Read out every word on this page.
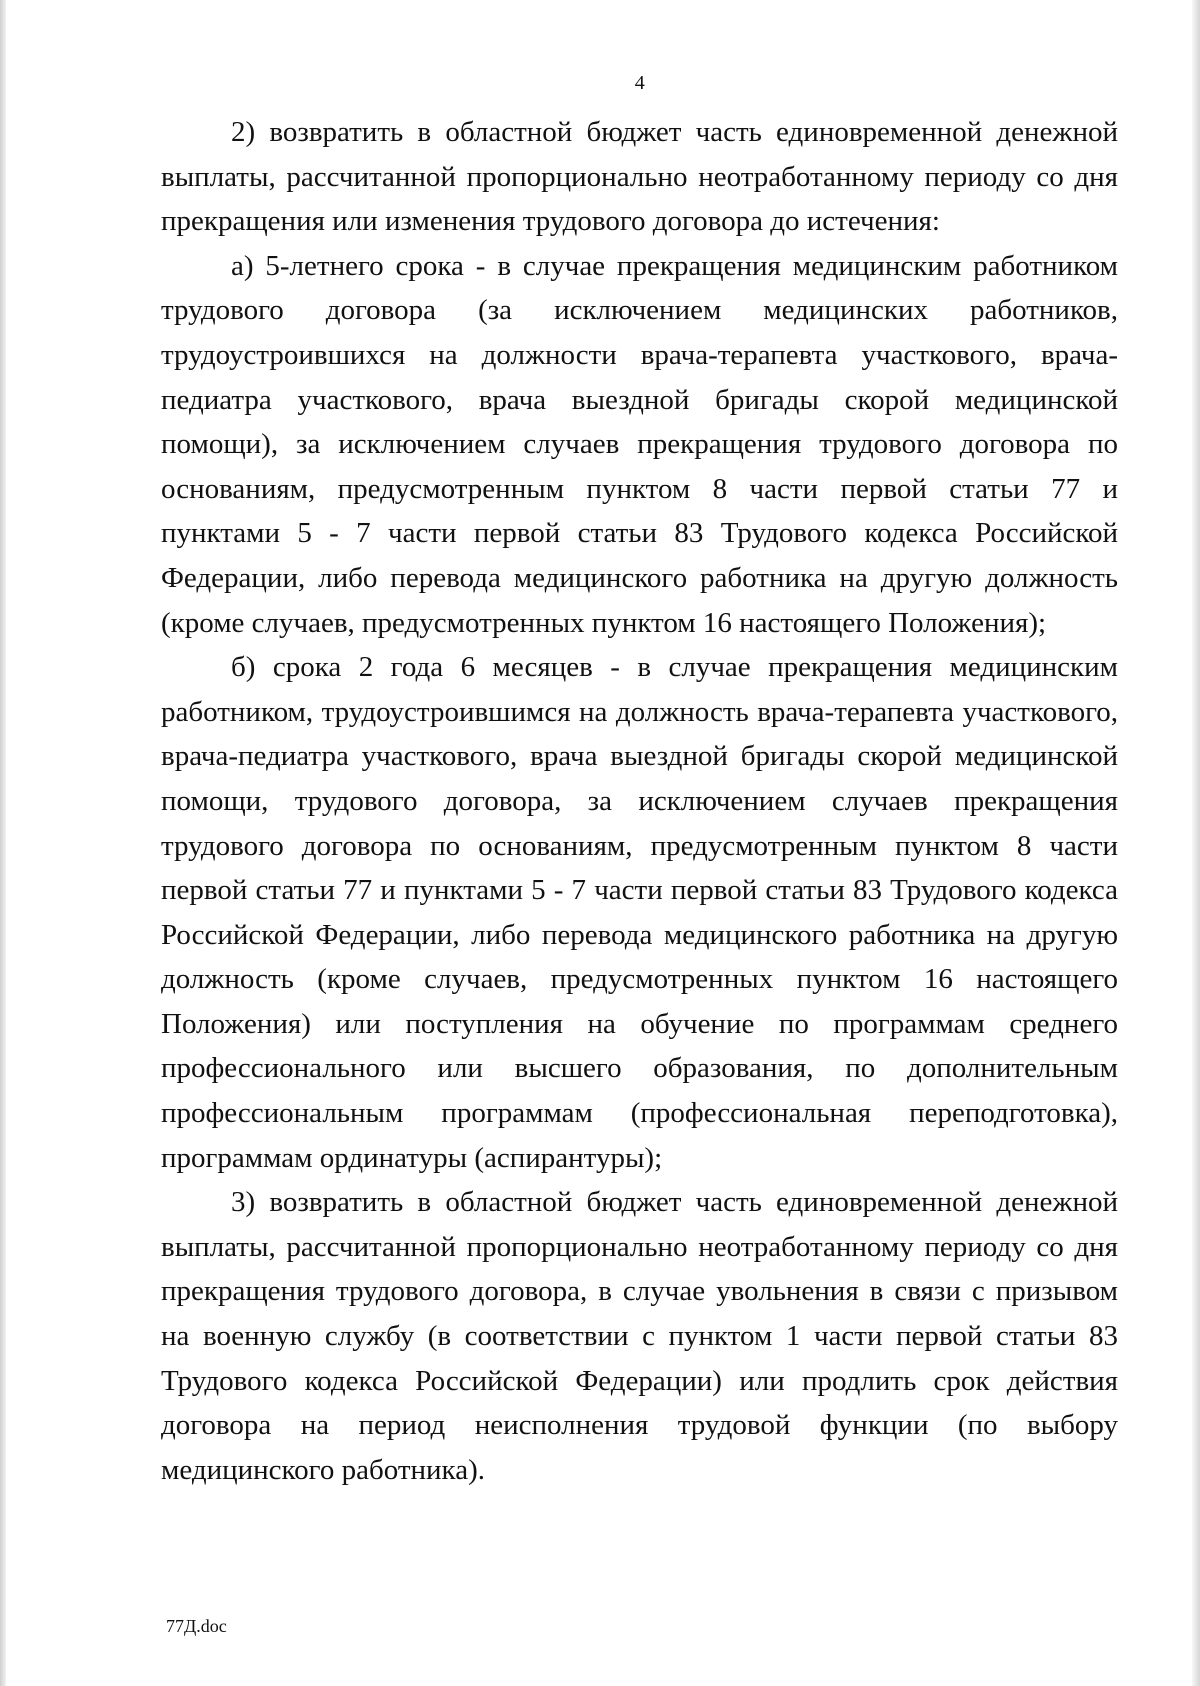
4

2) возвратить в областной бюджет часть единовременной денежной выплаты, рассчитанной пропорционально неотработанному периоду со дня прекращения или изменения трудового договора до истечения:

а) 5-летнего срока - в случае прекращения медицинским работником трудового договора (за исключением медицинских работников, трудоустроившихся на должности врача-терапевта участкового, врача-педиатра участкового, врача выездной бригады скорой медицинской помощи), за исключением случаев прекращения трудового договора по основаниям, предусмотренным пунктом 8 части первой статьи 77 и пунктами 5 - 7 части первой статьи 83 Трудового кодекса Российской Федерации, либо перевода медицинского работника на другую должность (кроме случаев, предусмотренных пунктом 16 настоящего Положения);

б) срока 2 года 6 месяцев - в случае прекращения медицинским работником, трудоустроившимся на должность врача-терапевта участкового, врача-педиатра участкового, врача выездной бригады скорой медицинской помощи, трудового договора, за исключением случаев прекращения трудового договора по основаниям, предусмотренным пунктом 8 части первой статьи 77 и пунктами 5 - 7 части первой статьи 83 Трудового кодекса Российской Федерации, либо перевода медицинского работника на другую должность (кроме случаев, предусмотренных пунктом 16 настоящего Положения) или поступления на обучение по программам среднего профессионального или высшего образования, по дополнительным профессиональным программам (профессиональная переподготовка), программам ординатуры (аспирантуры);

3) возвратить в областной бюджет часть единовременной денежной выплаты, рассчитанной пропорционально неотработанному периоду со дня прекращения трудового договора, в случае увольнения в связи с призывом на военную службу (в соответствии с пунктом 1 части первой статьи 83 Трудового кодекса Российской Федерации) или продлить срок действия договора на период неисполнения трудовой функции (по выбору медицинского работника).

77Д.doc
